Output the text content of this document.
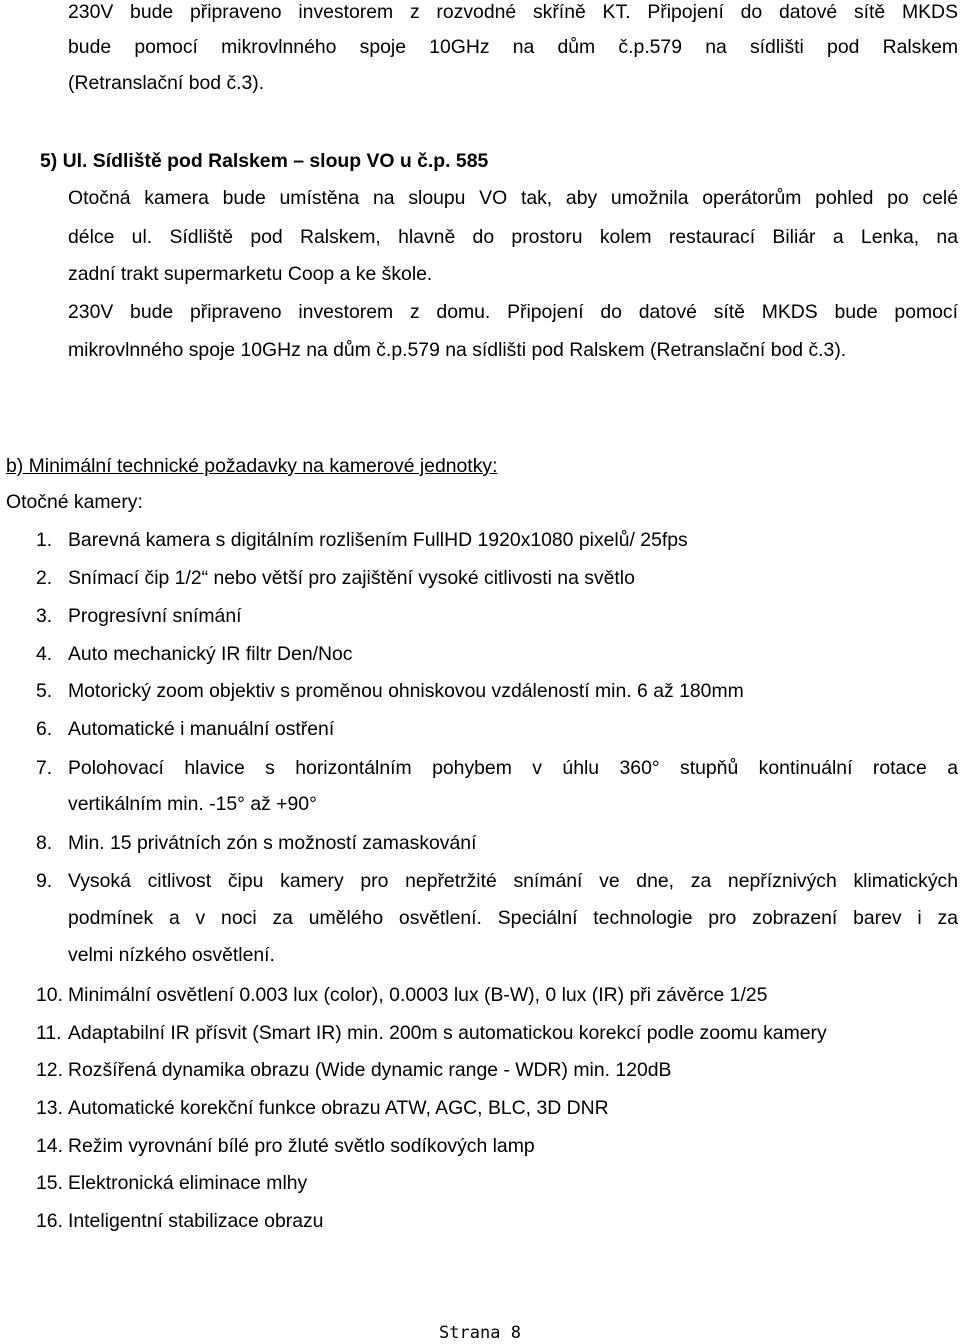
230V bude připraveno investorem z rozvodné skříně KT. Připojení do datové sítě MKDS
bude pomocí mikrovlnného spoje 10GHz na dům č.p.579 na sídlišti pod Ralskem
(Retranslační bod č.3).
5) Ul. Sídliště pod Ralskem – sloup VO u č.p. 585
Otočná kamera bude umístěna na sloupu VO tak, aby umožnila operátorům pohled po celé
délce ul. Sídliště pod Ralskem, hlavně do prostoru kolem restaurací Biliár a Lenka, na
zadní trakt supermarketu Coop a ke škole.
230V bude připraveno investorem z domu. Připojení do datové sítě MKDS bude pomocí
mikrovlnného spoje 10GHz na dům č.p.579 na sídlišti pod Ralskem (Retranslační bod č.3).
b) Minimální technické požadavky na kamerové jednotky:
Otočné kamery:
1. Barevná kamera s digitálním rozlišením FullHD 1920x1080 pixelů/ 25fps
2. Snímací čip 1/2“ nebo větší pro zajištění vysoké citlivosti na světlo
3. Progresívní snímání
4. Auto mechanický IR filtr Den/Noc
5. Motorický zoom objektiv s proměnou ohniskovou vzdáleností min. 6 až 180mm
6. Automatické i manuální ostření
7. Polohovací hlavice s horizontálním pohybem v úhlu 360° stupňů kontinuální rotace a
vertikálním min. -15° až +90°
8. Min. 15 privátních zón s možností zamaskování
9. Vysoká citlivost čipu kamery pro nepřetržité snímání ve dne, za nepříznivých klimatických
podmínek a v noci za umělého osvětlení. Speciální technologie pro zobrazení barev i za
velmi nízkého osvětlení.
10. Minimální osvětlení 0.003 lux (color), 0.0003 lux (B-W), 0 lux (IR) při závěrce 1/25
11. Adaptabilní IR přísvit (Smart IR) min. 200m s automatickou korekcí podle zoomu kamery
12. Rozšířená dynamika obrazu (Wide dynamic range - WDR) min. 120dB
13. Automatické korekční funkce obrazu ATW, AGC, BLC, 3D DNR
14. Režim vyrovnání bílé pro žluté světlo sodíkových lamp
15. Elektronická eliminace mlhy
16. Inteligentní stabilizace obrazu
Strana 8
